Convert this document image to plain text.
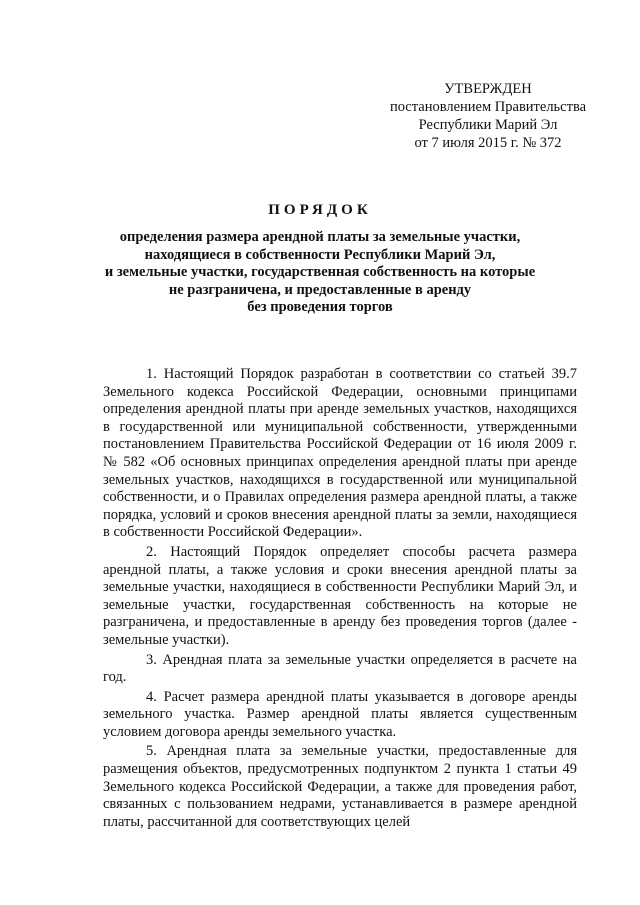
УТВЕРЖДЕН
постановлением Правительства
Республики Марий Эл
от 7 июля 2015 г. № 372
ПОРЯДОК
определения размера арендной платы за земельные участки,
находящиеся в собственности Республики Марий Эл,
и земельные участки, государственная собственность на которые
не разграничена, и предоставленные в аренду
без проведения торгов

1. Настоящий Порядок разработан в соответствии со статьей 39.7 Земельного кодекса Российской Федерации, основными принципами определения арендной платы при аренде земельных участков, находящихся в государственной или муниципальной собственности, утвержденными постановлением Правительства Российской Федерации от 16 июля 2009 г. № 582 «Об основных принципах определения арендной платы при аренде земельных участков, находящихся в государственной или муниципальной собственности, и о Правилах определения размера арендной платы, а также порядка, условий и сроков внесения арендной платы за земли, находящиеся в собственности Российской Федерации».

2. Настоящий Порядок определяет способы расчета размера арендной платы, а также условия и сроки внесения арендной платы за земельные участки, находящиеся в собственности Республики Марий Эл, и земельные участки, государственная собственность на которые не разграничена, и предоставленные в аренду без проведения торгов (далее - земельные участки).

3. Арендная плата за земельные участки определяется в расчете на год.

4. Расчет размера арендной платы указывается в договоре аренды земельного участка. Размер арендной платы является существенным условием договора аренды земельного участка.

5. Арендная плата за земельные участки, предоставленные для размещения объектов, предусмотренных подпунктом 2 пункта 1 статьи 49 Земельного кодекса Российской Федерации, а также для проведения работ, связанных с пользованием недрами, устанавливается в размере арендной платы, рассчитанной для соответствующих целей
